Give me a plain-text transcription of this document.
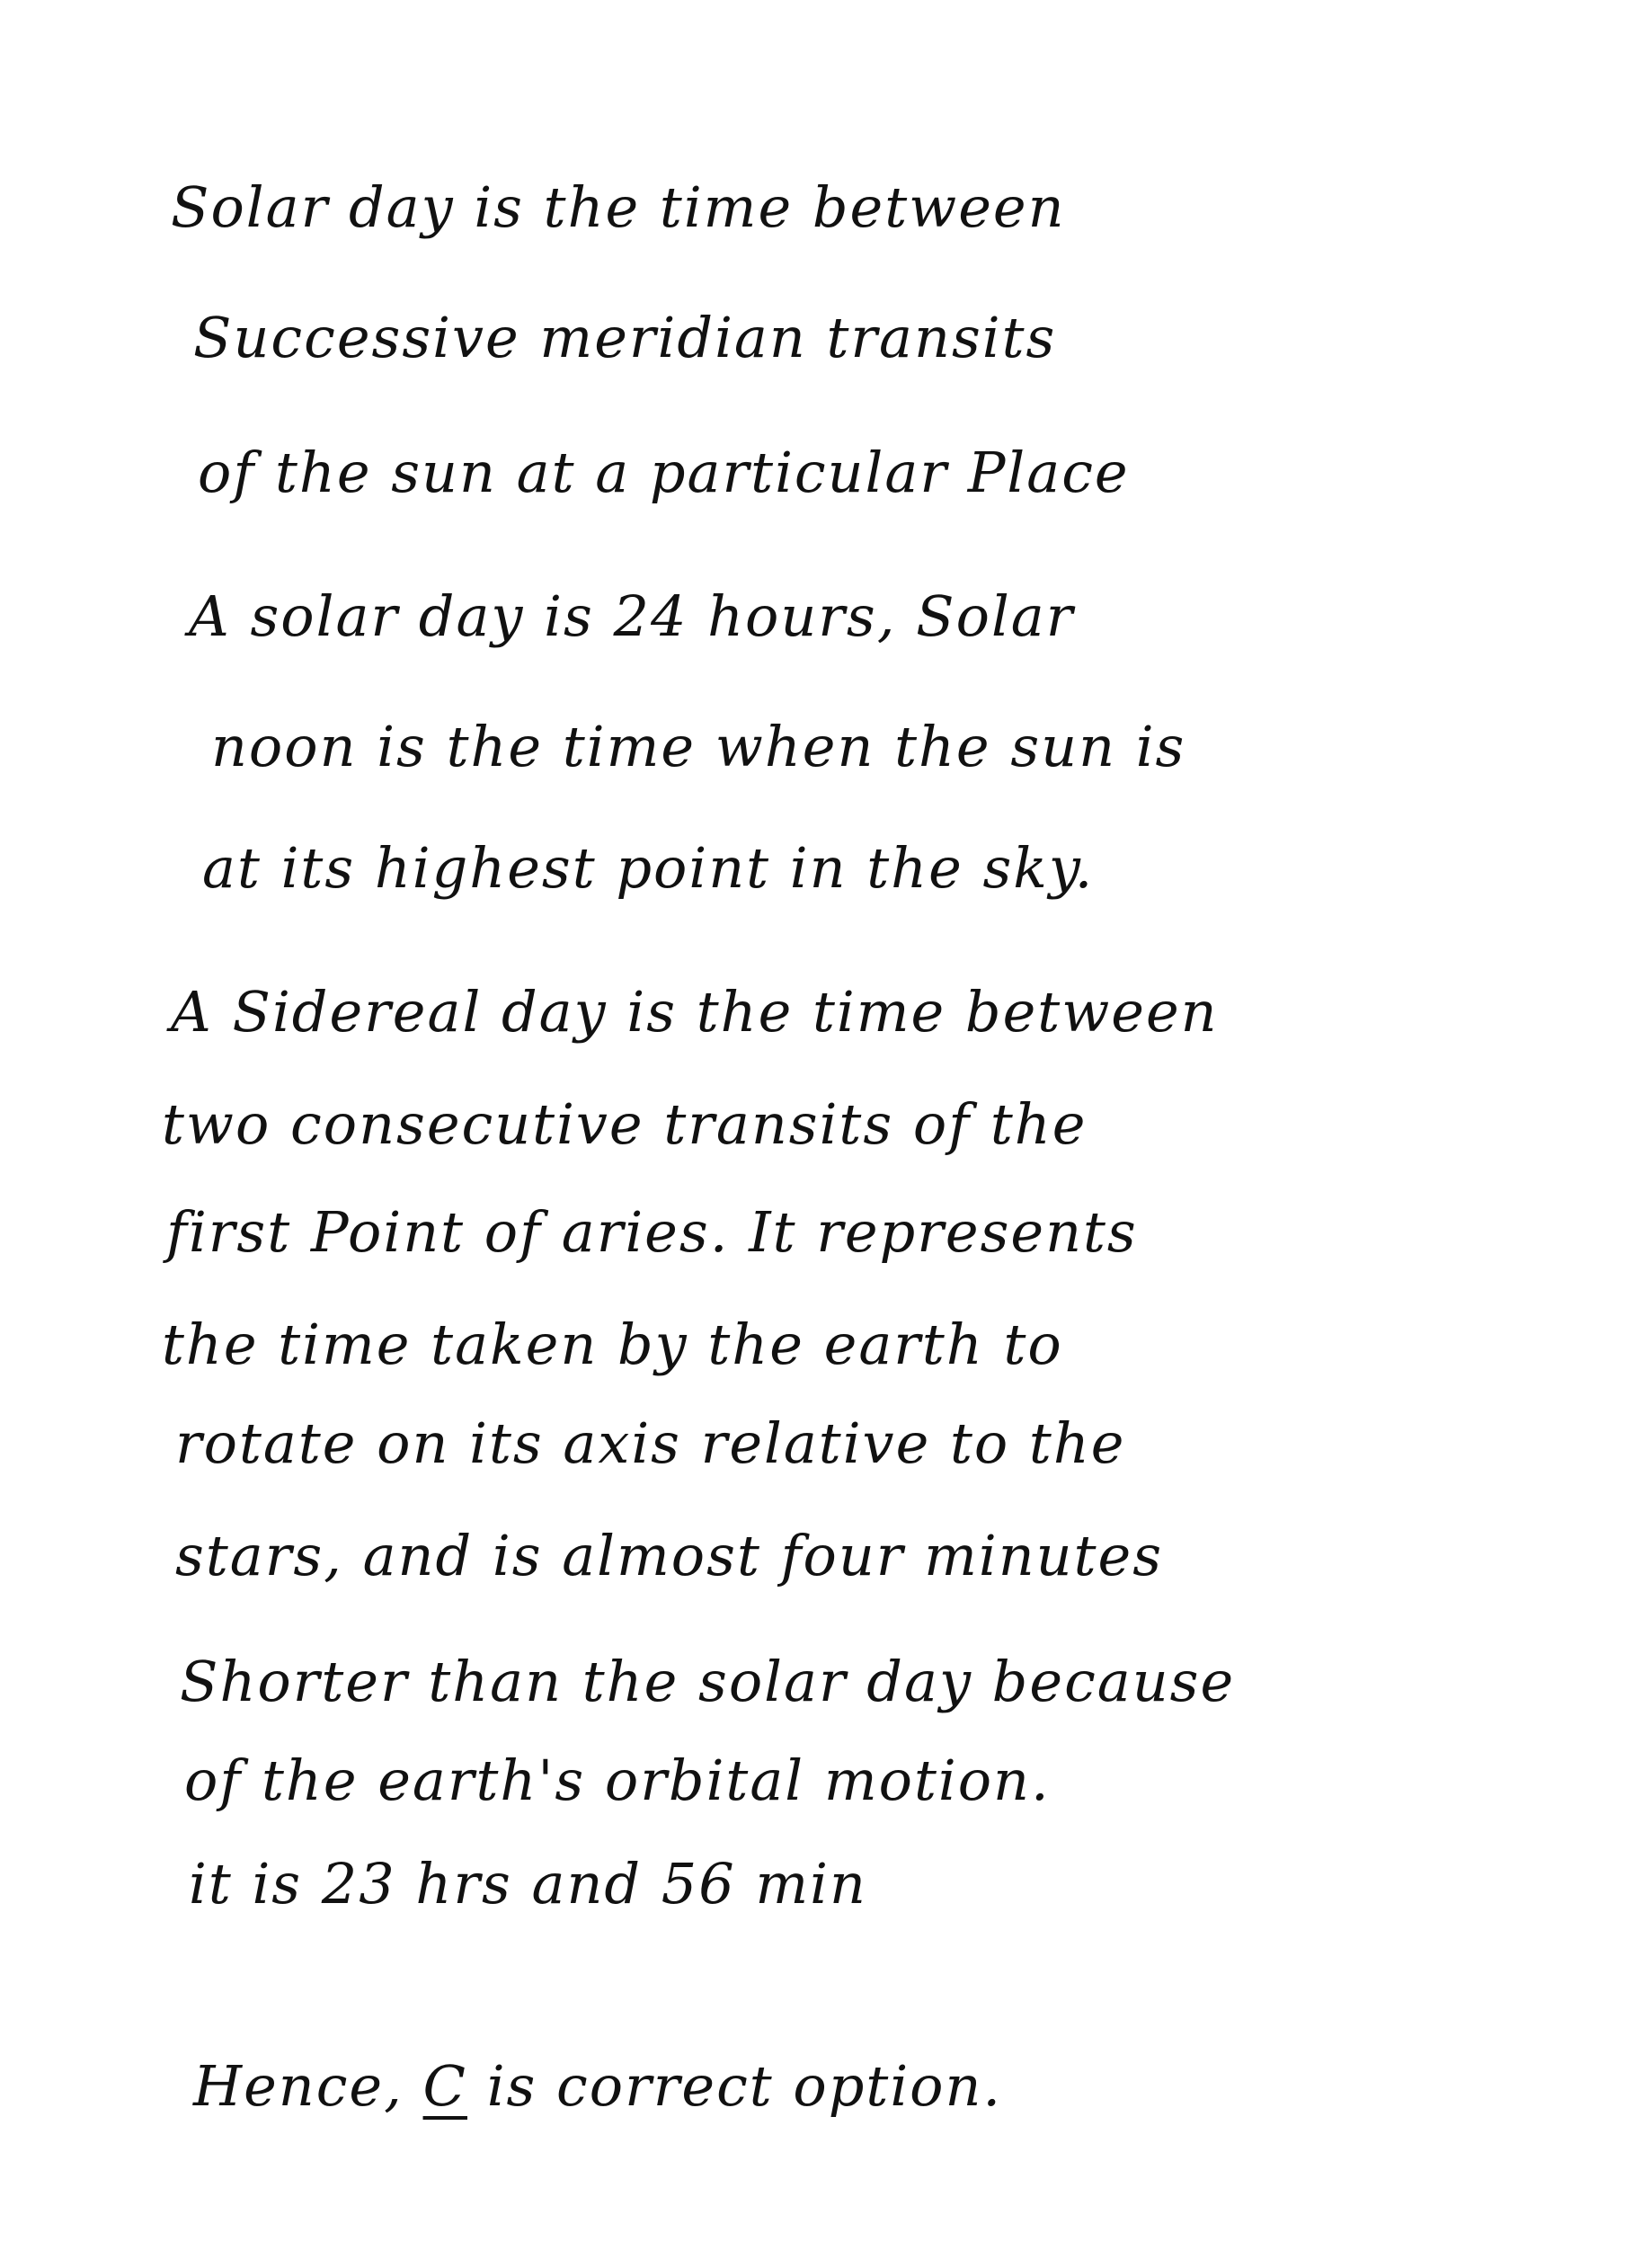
Solar day is the time between
Successive meridian transits
of the sun at a particular Place
A solar day is 24 hours, Solar
noon is the time when the sun is
at its highest point in the sky.
A Sidereal day is the time between
two consecutive transits of the
first Point of aries. It represents
the time taken by the earth to
rotate on its axis relative to the
stars, and is almost four minutes
Shorter than the solar day because
of the earth's orbital motion.
it is 23 hrs and 56 min
Hence, C is correct option.
